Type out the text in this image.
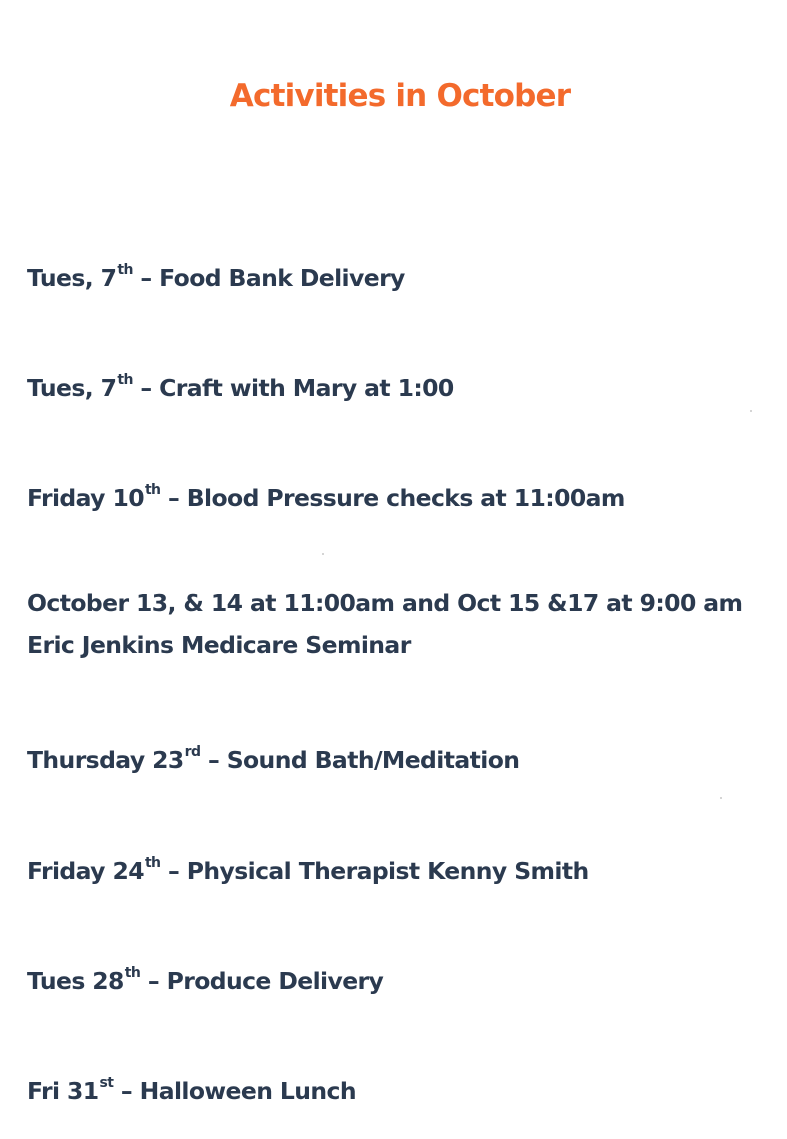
Activities in October
Tues, 7th – Food Bank Delivery
Tues, 7th – Craft with Mary at 1:00
Friday 10th – Blood Pressure checks at 11:00am
October 13, & 14 at 11:00am and Oct 15 &17 at 9:00 am
Eric Jenkins Medicare Seminar
Thursday 23rd – Sound Bath/Meditation
Friday 24th – Physical Therapist Kenny Smith
Tues 28th – Produce Delivery
Fri 31st – Halloween Lunch
